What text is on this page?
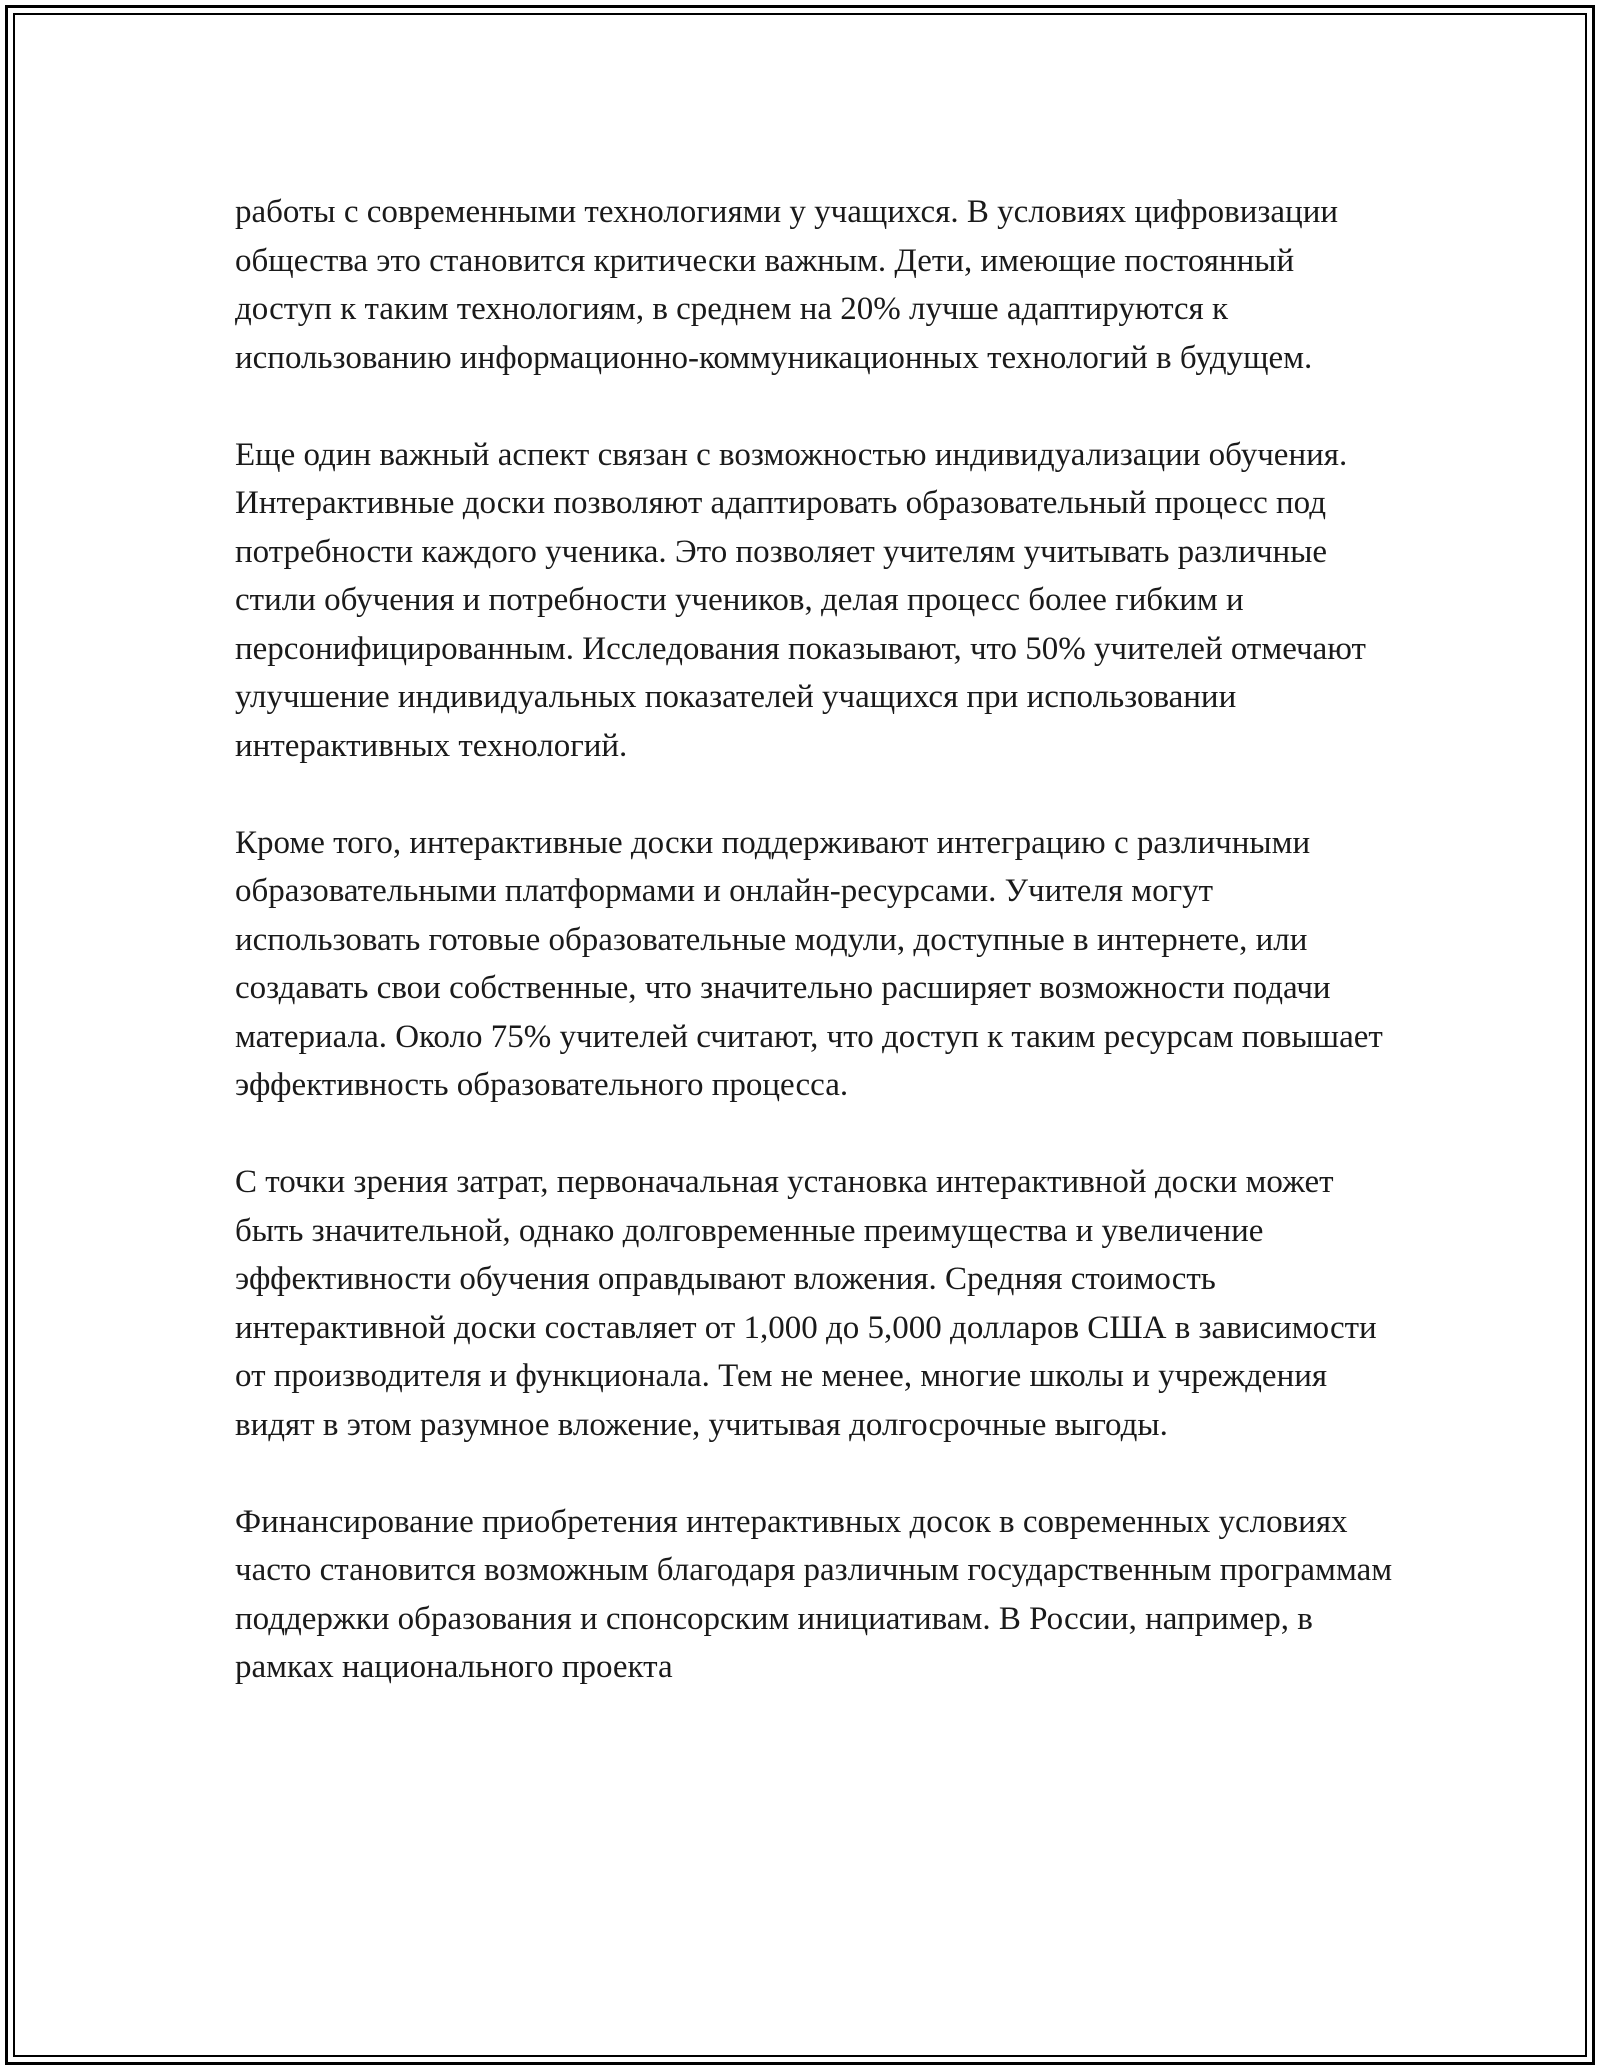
работы с современными технологиями у учащихся. В условиях цифровизации общества это становится критически важным. Дети, имеющие постоянный доступ к таким технологиям, в среднем на 20% лучше адаптируются к использованию информационно-коммуникационных технологий в будущем.

Еще один важный аспект связан с возможностью индивидуализации обучения. Интерактивные доски позволяют адаптировать образовательный процесс под потребности каждого ученика. Это позволяет учителям учитывать различные стили обучения и потребности учеников, делая процесс более гибким и персонифицированным. Исследования показывают, что 50% учителей отмечают улучшение индивидуальных показателей учащихся при использовании интерактивных технологий.

Кроме того, интерактивные доски поддерживают интеграцию с различными образовательными платформами и онлайн-ресурсами. Учителя могут использовать готовые образовательные модули, доступные в интернете, или создавать свои собственные, что значительно расширяет возможности подачи материала. Около 75% учителей считают, что доступ к таким ресурсам повышает эффективность образовательного процесса.

С точки зрения затрат, первоначальная установка интерактивной доски может быть значительной, однако долговременные преимущества и увеличение эффективности обучения оправдывают вложения. Средняя стоимость интерактивной доски составляет от 1,000 до 5,000 долларов США в зависимости от производителя и функционала. Тем не менее, многие школы и учреждения видят в этом разумное вложение, учитывая долгосрочные выгоды.

Финансирование приобретения интерактивных досок в современных условиях часто становится возможным благодаря различным государственным программам поддержки образования и спонсорским инициативам. В России, например, в рамках национального проекта
